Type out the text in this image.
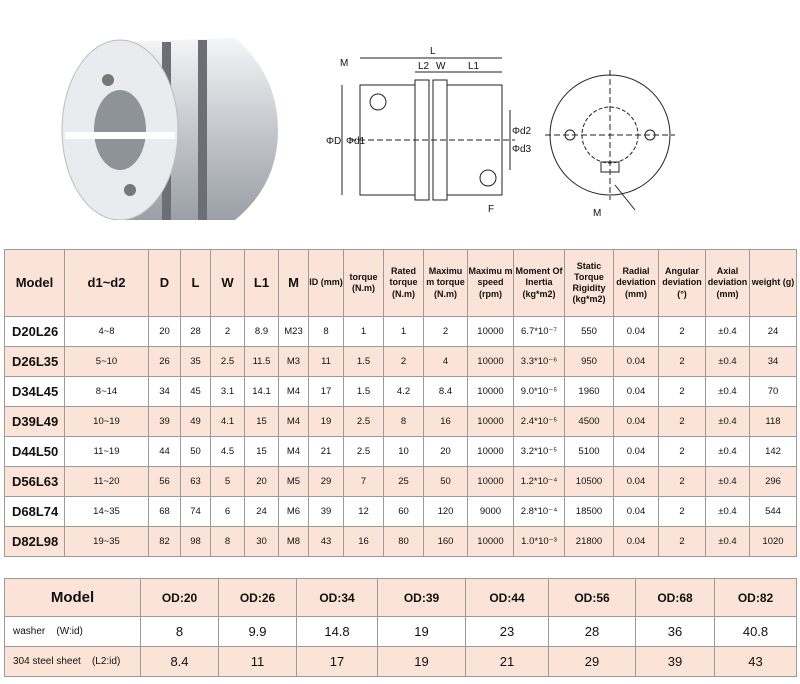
L
L2 W L1
M
ΦD Φd1
Φd2
Φd3
F	M
Model	d1~d2	D	L	W	L1	M	ID (mm)	torque (N.m)	Rated torque (N.m)	Maximu m torque (N.m)	Maximu m speed (rpm)	Moment Of Inertia (kg*m2)	Static Torque Rigidity (kg*m2)	Radial deviation (mm)	Angular deviation (°)	Axial deviation (mm)	weight (g)
D20L26	4~8	20	28	2	8.9	M23	8	1	1	2	10000	6.7*10⁻⁷	550	0.04	2	±0.4	24
D26L35	5~10	26	35	2.5	11.5	M3	11	1.5	2	4	10000	3.3*10⁻⁶	950	0.04	2	±0.4	34
D34L45	8~14	34	45	3.1	14.1	M4	17	1.5	4.2	8.4	10000	9.0*10⁻⁵	1960	0.04	2	±0.4	70
D39L49	10~19	39	49	4.1	15	M4	19	2.5	8	16	10000	2.4*10⁻⁵	4500	0.04	2	±0.4	118
D44L50	11~19	44	50	4.5	15	M4	21	2.5	10	20	10000	3.2*10⁻⁵	5100	0.04	2	±0.4	142
D56L63	11~20	56	63	5	20	M5	29	7	25	50	10000	1.2*10⁻⁴	10500	0.04	2	±0.4	296
D68L74	14~35	68	74	6	24	M6	39	12	60	120	9000	2.8*10⁻⁴	18500	0.04	2	±0.4	544
D82L98	19~35	82	98	8	30	M8	43	16	80	160	10000	1.0*10⁻³	21800	0.04	2	±0.4	1020
Model	OD:20	OD:26	OD:34	OD:39	OD:44	OD:56	OD:68	OD:82
washer (W:id)	8	9.9	14.8	19	23	28	36	40.8
304 steel sheet (L2:id)	8.4	11	17	19	21	29	39	43
